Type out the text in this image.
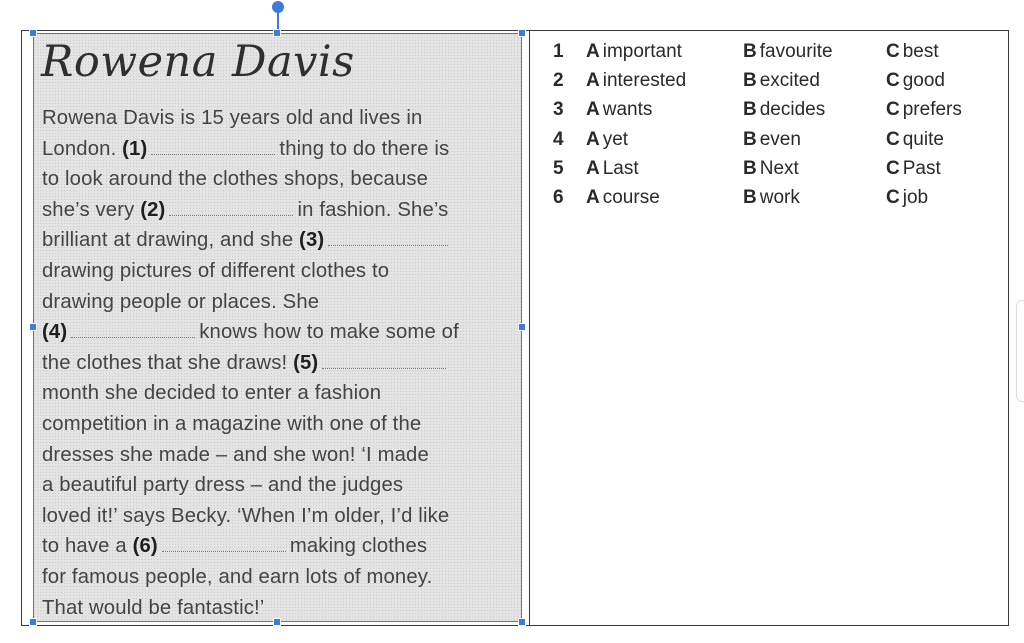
Rowena Davis
Rowena Davis is 15 years old and lives in
London. (1)	thing to do there is
to look around the clothes shops, because
she’s very (2)	in fashion. She’s
brilliant at drawing, and she (3)
drawing pictures of different clothes to
drawing people or places. She
(4)	knows how to make some of
the clothes that she draws! (5)
month she decided to enter a fashion
competition in a magazine with one of the
dresses she made – and she won! ‘I made
a beautiful party dress – and the judges
loved it!’ says Becky. ‘When I’m older, I’d like
to have a (6)	making clothes
for famous people, and earn lots of money.
That would be fantastic!’
1 A important	B favourite	C best
2 A interested	B excited	C good
3 A wants	B decides	C prefers
4 A yet	B even	C quite
5 A Last	B Next	C Past
6 A course	B work	C job
